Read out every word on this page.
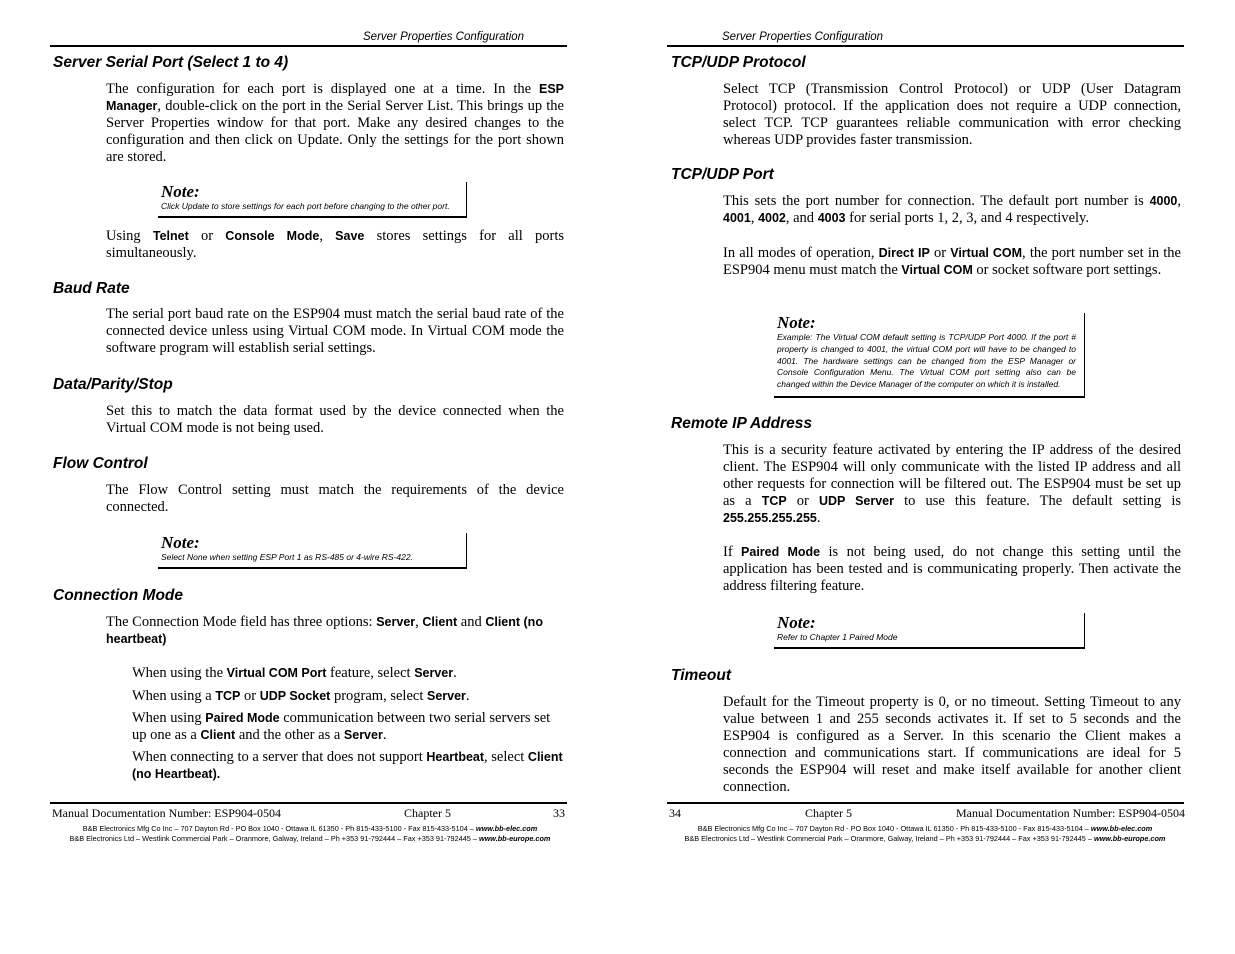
Server Properties Configuration
Server Serial Port (Select 1 to 4)
The configuration for each port is displayed one at a time. In the ESP Manager, double-click on the port in the Serial Server List. This brings up the Server Properties window for that port. Make any desired changes to the configuration and then click on Update. Only the settings for the port shown are stored.
Note:
Click Update to store settings for each port before changing to the other port.
Using Telnet or Console Mode, Save stores settings for all ports simultaneously.
Baud Rate
The serial port baud rate on the ESP904 must match the serial baud rate of the connected device unless using Virtual COM mode. In Virtual COM mode the software program will establish serial settings.
Data/Parity/Stop
Set this to match the data format used by the device connected when the Virtual COM mode is not being used.
Flow Control
The Flow Control setting must match the requirements of the device connected.
Note:
Select None when setting ESP Port 1 as RS-485 or 4-wire RS-422.
Connection Mode
The Connection Mode field has three options: Server, Client and Client (no heartbeat)
When using the Virtual COM Port feature, select Server.
When using a TCP or UDP Socket program, select Server.
When using Paired Mode communication between two serial servers set up one as a Client and the other as a Server.
When connecting to a server that does not support Heartbeat, select Client (no Heartbeat).
Manual Documentation Number: ESP904-0504	Chapter 5	33
B&B Electronics Mfg Co Inc – 707 Dayton Rd - PO Box 1040 - Ottawa IL 61350 - Ph 815-433-5100 - Fax 815-433-5104 – www.bb-elec.com
B&B Electronics Ltd – Westlink Commercial Park – Oranmore, Galway, Ireland – Ph +353 91-792444 – Fax +353 91-792445 – www.bb-europe.com
Server Properties Configuration
TCP/UDP Protocol
Select TCP (Transmission Control Protocol) or UDP (User Datagram Protocol) protocol. If the application does not require a UDP connection, select TCP. TCP guarantees reliable communication with error checking whereas UDP provides faster transmission.
TCP/UDP Port
This sets the port number for connection. The default port number is 4000, 4001, 4002, and 4003 for serial ports 1, 2, 3, and 4 respectively.
In all modes of operation, Direct IP or Virtual COM, the port number set in the ESP904 menu must match the Virtual COM or socket software port settings.
Note:
Example: The Virtual COM default setting is TCP/UDP Port 4000. If the port # property is changed to 4001, the virtual COM port will have to be changed to 4001. The hardware settings can be changed from the ESP Manager or Console Configuration Menu. The Virtual COM port setting also can be changed within the Device Manager of the computer on which it is installed.
Remote IP Address
This is a security feature activated by entering the IP address of the desired client. The ESP904 will only communicate with the listed IP address and all other requests for connection will be filtered out. The ESP904 must be set up as a TCP or UDP Server to use this feature. The default setting is 255.255.255.255.
If Paired Mode is not being used, do not change this setting until the application has been tested and is communicating properly. Then activate the address filtering feature.
Note:
Refer to Chapter 1 Paired Mode
Timeout
Default for the Timeout property is 0, or no timeout. Setting Timeout to any value between 1 and 255 seconds activates it. If set to 5 seconds and the ESP904 is configured as a Server. In this scenario the Client makes a connection and communications start. If communications are ideal for 5 seconds the ESP904 will reset and make itself available for another client connection.
34	Chapter 5	Manual Documentation Number: ESP904-0504
B&B Electronics Mfg Co Inc – 707 Dayton Rd - PO Box 1040 - Ottawa IL 61350 - Ph 815-433-5100 - Fax 815-433-5104 – www.bb-elec.com
B&B Electronics Ltd – Westlink Commercial Park – Oranmore, Galway, Ireland – Ph +353 91-792444 – Fax +353 91-792445 – www.bb-europe.com
